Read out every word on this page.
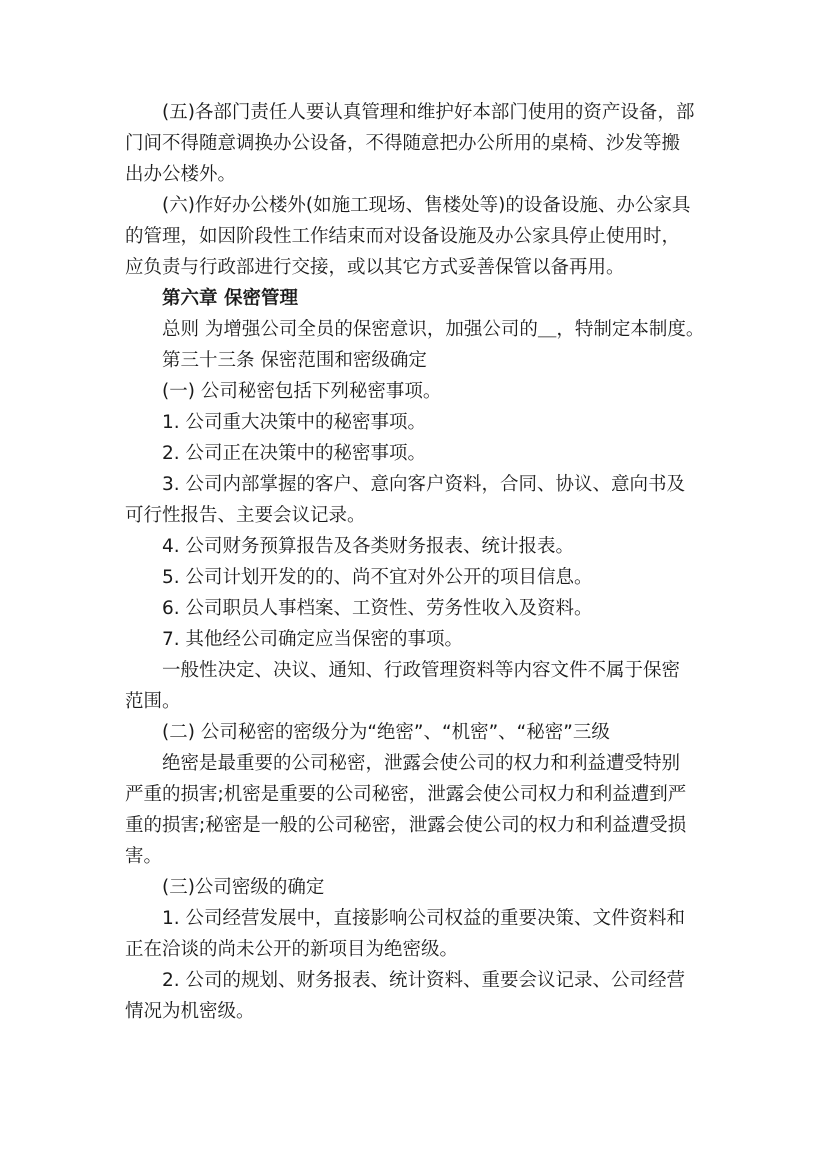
(五)各部门责任人要认真管理和维护好本部门使用的资产设备，部
门间不得随意调换办公设备，不得随意把办公所用的桌椅、沙发等搬
出办公楼外。
(六)作好办公楼外(如施工现场、售楼处等)的设备设施、办公家具
的管理，如因阶段性工作结束而对设备设施及办公家具停止使用时，
应负责与行政部进行交接，或以其它方式妥善保管以备再用。
第六章 保密管理
总则 为增强公司全员的保密意识，加强公司的＿，特制定本制度。
第三十三条 保密范围和密级确定
(一) 公司秘密包括下列秘密事项。
1. 公司重大决策中的秘密事项。
2. 公司正在决策中的秘密事项。
3. 公司内部掌握的客户、意向客户资料，合同、协议、意向书及
可行性报告、主要会议记录。
4. 公司财务预算报告及各类财务报表、统计报表。
5. 公司计划开发的的、尚不宜对外公开的项目信息。
6. 公司职员人事档案、工资性、劳务性收入及资料。
7. 其他经公司确定应当保密的事项。
一般性决定、决议、通知、行政管理资料等内容文件不属于保密
范围。
(二) 公司秘密的密级分为“绝密”、“机密”、“秘密”三级
绝密是最重要的公司秘密，泄露会使公司的权力和利益遭受特别
严重的损害;机密是重要的公司秘密，泄露会使公司权力和利益遭到严
重的损害;秘密是一般的公司秘密，泄露会使公司的权力和利益遭受损
害。
(三)公司密级的确定
1. 公司经营发展中，直接影响公司权益的重要决策、文件资料和
正在洽谈的尚未公开的新项目为绝密级。
2. 公司的规划、财务报表、统计资料、重要会议记录、公司经营
情况为机密级。
